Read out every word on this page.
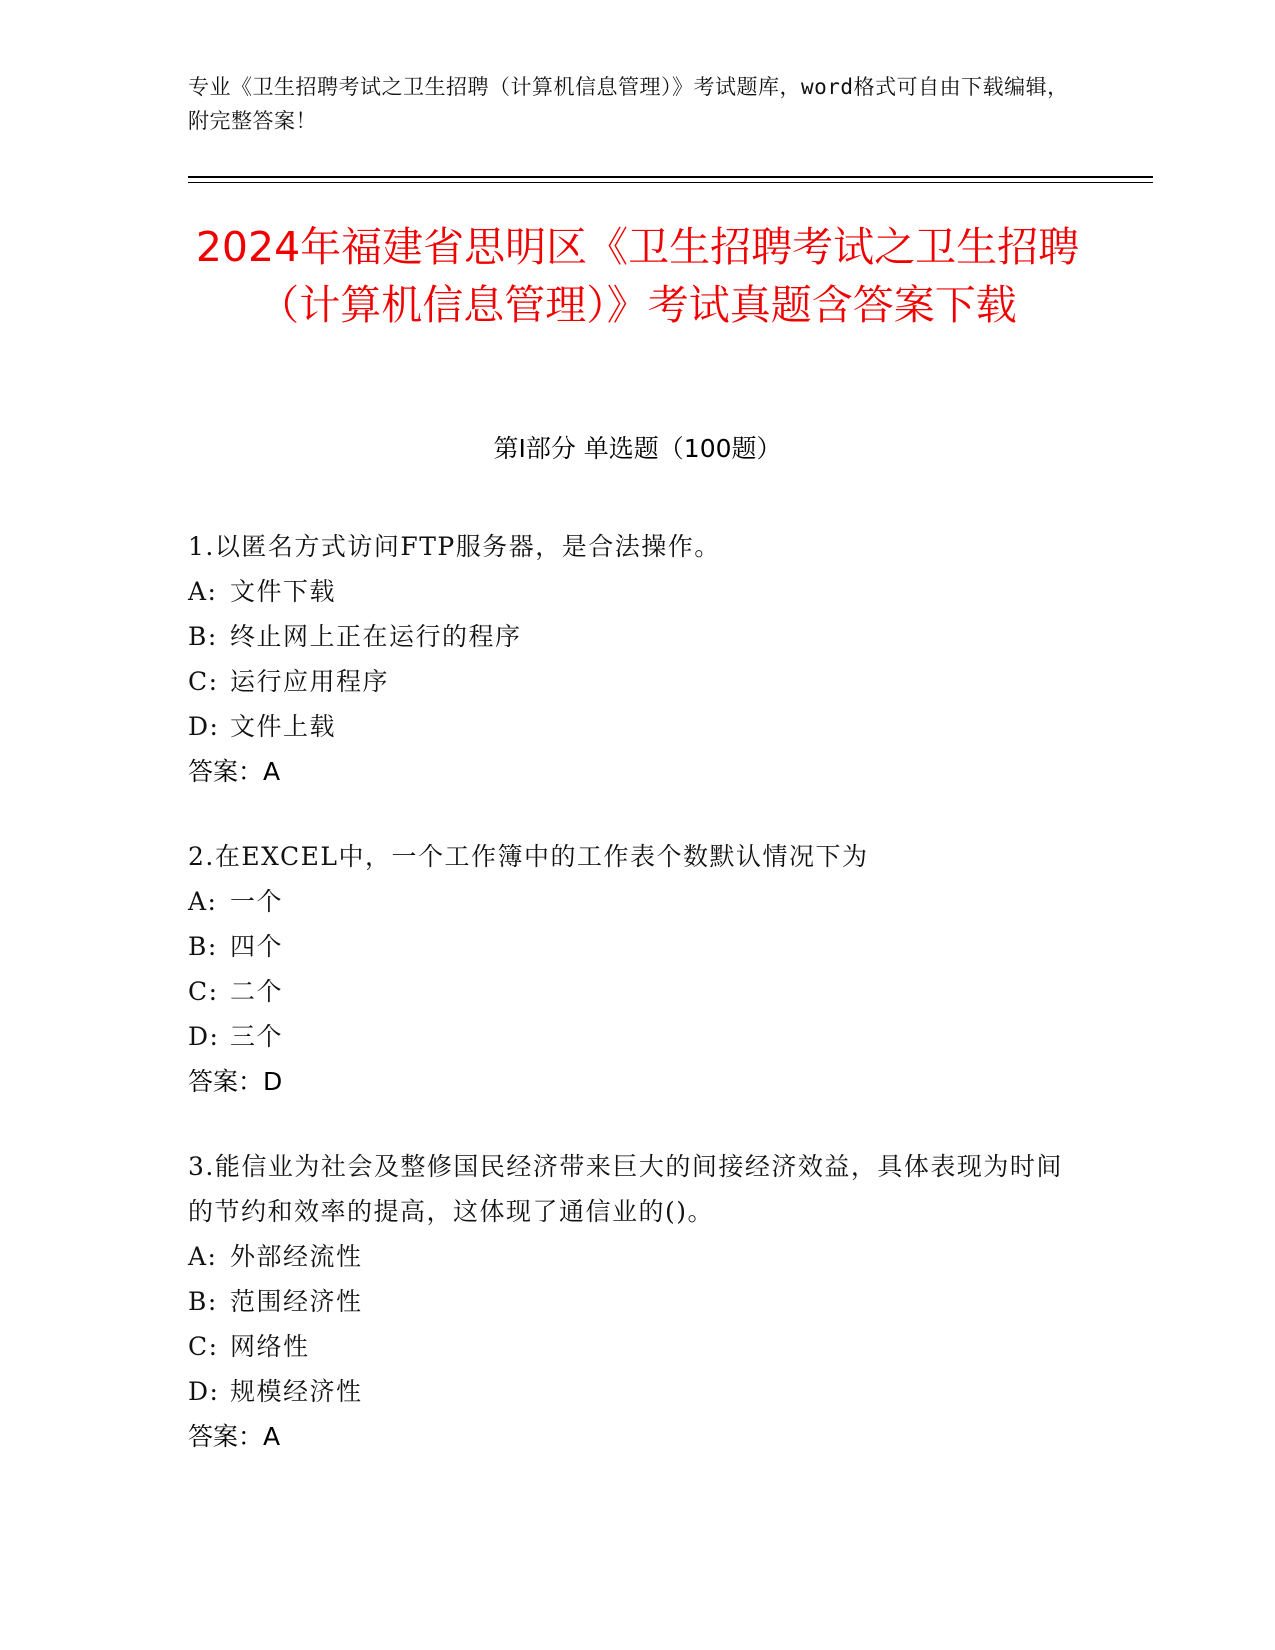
专业《卫生招聘考试之卫生招聘（计算机信息管理）》考试题库，word格式可自由下载编辑，附完整答案！
2024年福建省思明区《卫生招聘考试之卫生招聘（计算机信息管理）》考试真题含答案下载
第I部分 单选题（100题）
1.以匿名方式访问FTP服务器，是合法操作。
A: 文件下载
B: 终止网上正在运行的程序
C: 运行应用程序
D: 文件上载
答案：A
2.在EXCEL中，一个工作簿中的工作表个数默认情况下为
A: 一个
B: 四个
C: 二个
D: 三个
答案：D
3.能信业为社会及整修国民经济带来巨大的间接经济效益，具体表现为时间的节约和效率的提高，这体现了通信业的()。
A: 外部经流性
B: 范围经济性
C: 网络性
D: 规模经济性
答案：A
